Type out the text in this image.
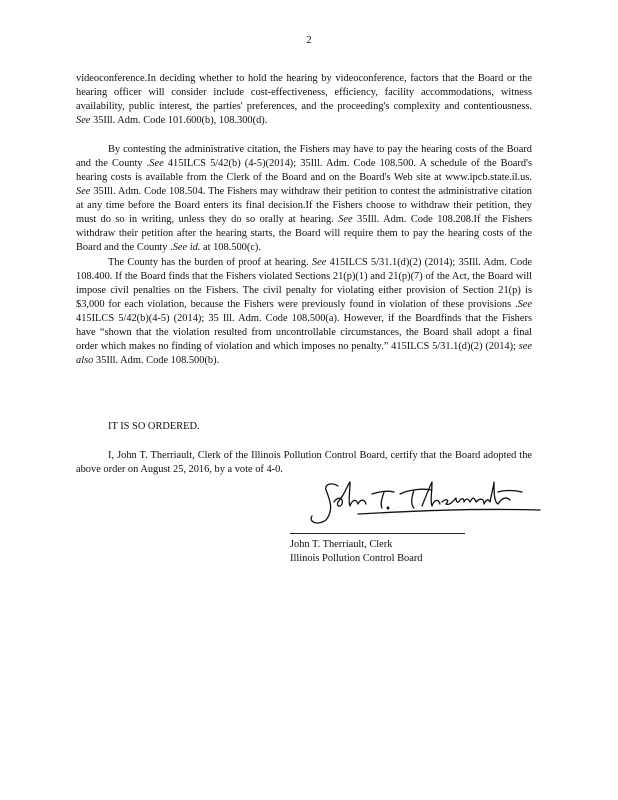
2

videoconference.In deciding whether to hold the hearing by videoconference, factors that the Board or the hearing officer will consider include cost-effectiveness, efficiency, facility accommodations, witness availability, public interest, the parties' preferences, and the proceeding's complexity and contentiousness. See 35Ill. Adm. Code 101.600(b), 108.300(d).

By contesting the administrative citation, the Fishers may have to pay the hearing costs of the Board and the County .See 415ILCS 5/42(b) (4-5)(2014); 35Ill. Adm. Code 108.500. A schedule of the Board's hearing costs is available from the Clerk of the Board and on the Board's Web site at www.ipcb.state.il.us. See 35Ill. Adm. Code 108.504. The Fishers may withdraw their petition to contest the administrative citation at any time before the Board enters its final decision.If the Fishers choose to withdraw their petition, they must do so in writing, unless they do so orally at hearing. See 35Ill. Adm. Code 108.208.If the Fishers withdraw their petition after the hearing starts, the Board will require them to pay the hearing costs of the Board and the County .See id. at 108.500(c).

The County has the burden of proof at hearing. See 415ILCS 5/31.1(d)(2) (2014); 35Ill. Adm. Code 108.400. If the Board finds that the Fishers violated Sections 21(p)(1) and 21(p)(7) of the Act, the Board will impose civil penalties on the Fishers. The civil penalty for violating either provision of Section 21(p) is $3,000 for each violation, because the Fishers were previously found in violation of these provisions .See 415ILCS 5/42(b)(4-5) (2014); 35 Ill. Adm. Code 108.500(a). However, if the Boardfinds that the Fishers have “shown that the violation resulted from uncontrollable circumstances, the Board shall adopt a final order which makes no finding of violation and which imposes no penalty.” 415ILCS 5/31.1(d)(2) (2014); see also 35Ill. Adm. Code 108.500(b).

IT IS SO ORDERED.

I, John T. Therriault, Clerk of the Illinois Pollution Control Board, certify that the Board adopted the above order on August 25, 2016, by a vote of 4-0.

John T. Therriault, Clerk
Illinois Pollution Control Board
